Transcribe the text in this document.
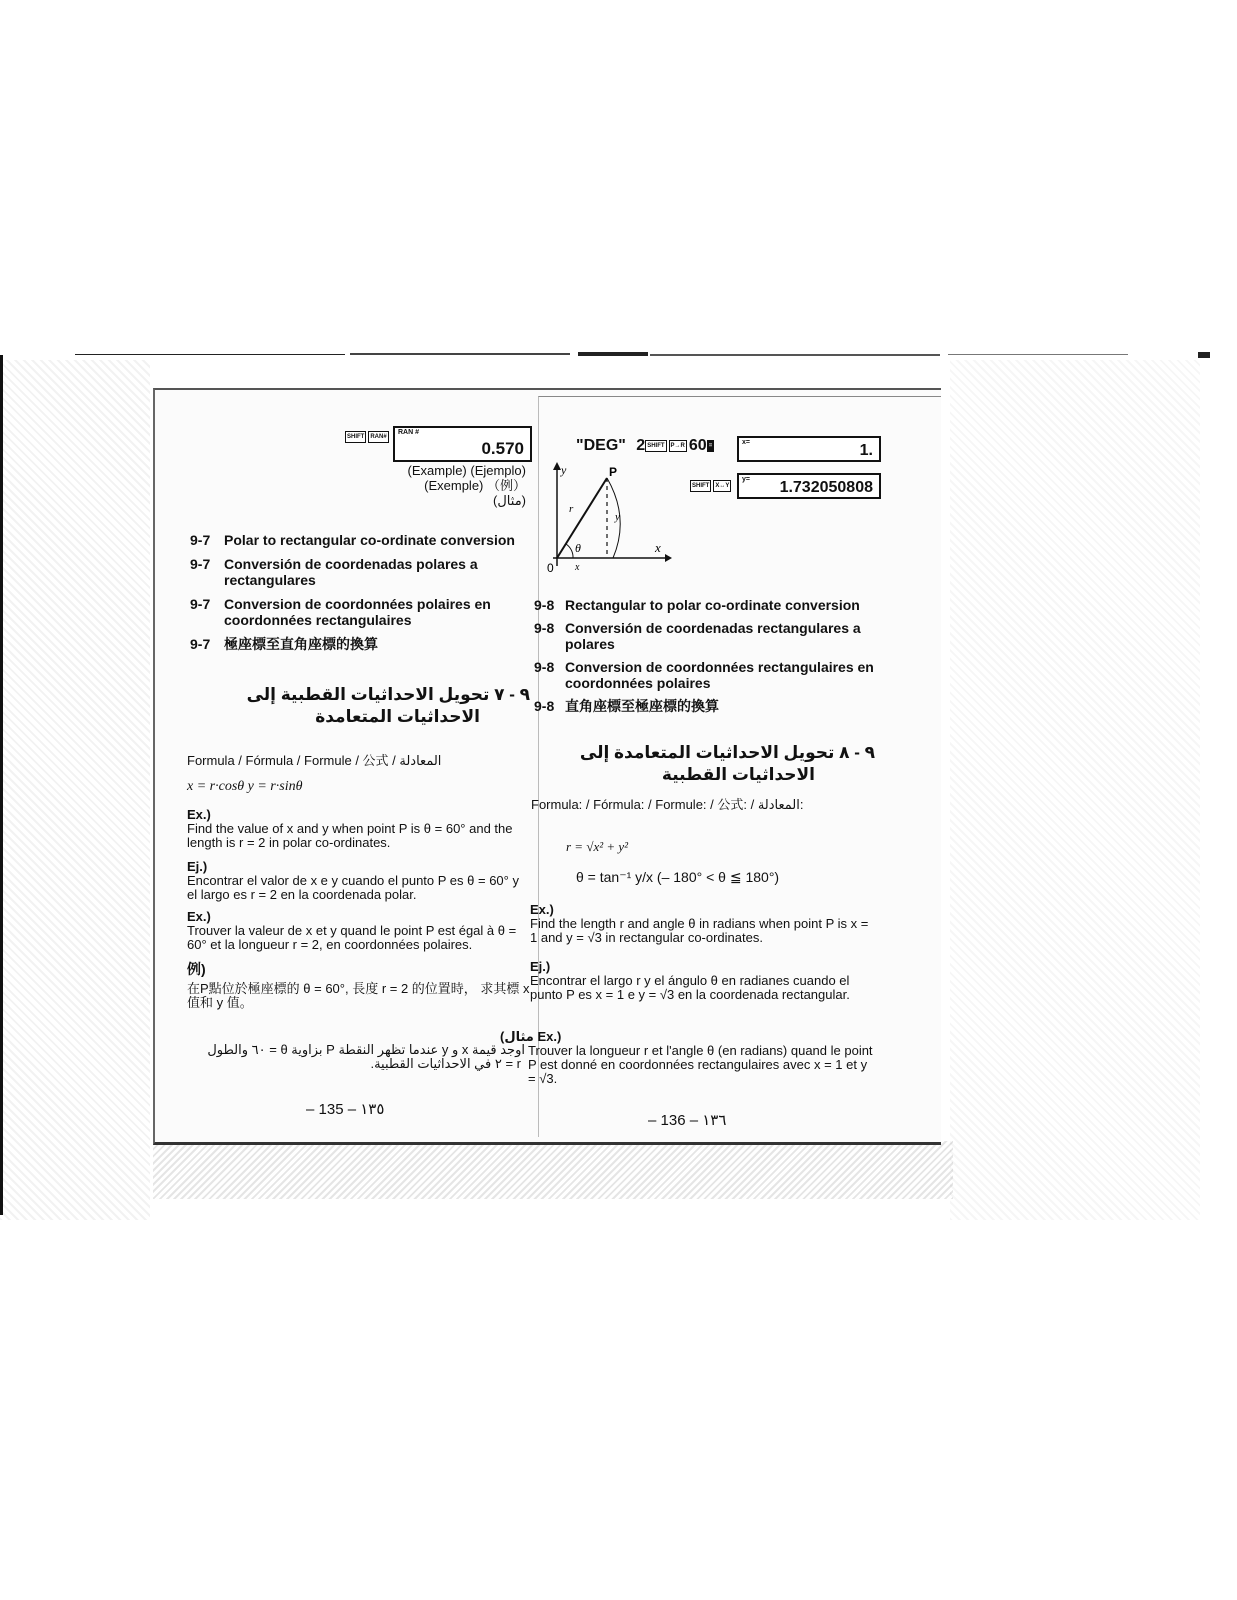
SHIFT RAN#
RAN #
0.570
(Example) (Ejemplo)
(Exemple) （例）
(مثال)
9-7 Polar to rectangular co-ordinate conversion
9-7 Conversión de coordenadas polares a rectangulares
9-7 Conversion de coordonnées polaires en coordonnées rectangulaires
9-7 極座標至直角座標的換算
٩ - ٧ تحويل الاحداثيات القطبية إلى
الاحداثيات المتعامدة
Formula / Fórmula / Formule / 公式 / المعادلة
x = r·cosθ y = r·sinθ
Ex.)
Find the value of x and y when point P is θ = 60° and the length is r = 2 in polar co-ordinates.
Ej.)
Encontrar el valor de x e y cuando el punto P es θ = 60° y el largo es r = 2 en la coordenada polar.
Ex.)
Trouver la valeur de x et y quand le point P est égal à θ = 60° et la longueur r = 2, en coordonnées polaires.
例)
在P點位於極座標的 θ = 60°, 長度 r = 2 的位置時， 求其標 x 值和 y 值。
اوجد قيمة x و y عندما تظهر النقطة P بزاوية θ = ٦٠ والطول
r = ٢ في الاحداثيات القطبية.
– 135 – ١٣٥
"DEG" 2 SHIFT P→R 60 =	x=	1.
SHIFT X↔Y
y= 1.732050808
y	P
θ	x
0 x
y
r
9-8 Rectangular to polar co-ordinate conversion
9-8 Conversión de coordenadas rectangulares a polares
9-8 Conversion de coordonnées rectangulaires en coordonnées polaires
9-8 直角座標至極座標的換算
٩ - ٨ تحويل الاحداثيات المتعامدة إلى
الاحداثيات القطبية
Formula: / Fórmula: / Formule: / 公式: / المعادلة:
r = √x² + y²
θ = tan⁻¹ y/x (– 180° < θ ≦ 180°)
Ex.)
Find the length r and angle θ in radians when point P is x = 1 and y = √3 in rectangular co-ordinates.
Ej.)
Encontrar el largo r y el ángulo θ en radianes cuando el punto P es x = 1 e y = √3 en la coordenada rectangular.
(مثال Ex.)
Trouver la longueur r et l'angle θ (en radians) quand le point P est donné en coordonnées rectangulaires avec x = 1 et y = √3.
– 136 – ١٣٦
